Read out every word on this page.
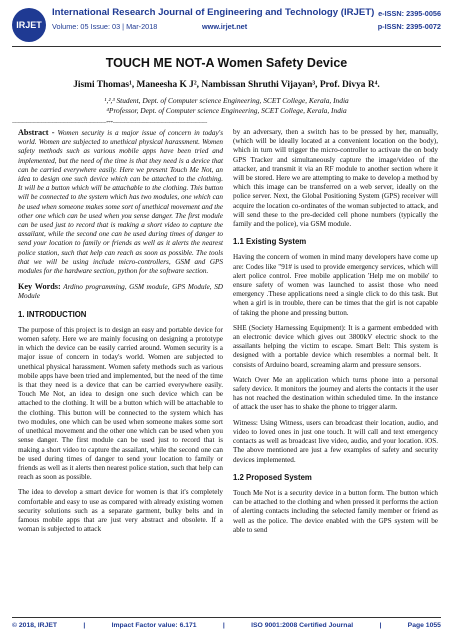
IRJET
International Research Journal of Engineering and Technology (IRJET)
Volume: 05 Issue: 03 | Mar-2018	www.irjet.net
e-ISSN: 2395-0056
p-ISSN: 2395-0072
TOUCH ME NOT-A Women Safety Device
Jismi Thomas¹, Maneesha K J², Nambissan Shruthi Vijayan³, Prof. Divya R⁴.
¹,²,³ Student, Dept. of Computer science Engineering, SCET College, Kerala, India
⁴Professor, Dept. of Computer science Engineering, SCET College, Kerala, India
---------------------------------------------------------------------***---------------------------------------------------------------------

Abstract - Women security is a major issue of concern in today's world. Women are subjected to unethical physical harassment. Women safety methods such as various mobile apps have been tried and implemented, but the need of the time is that they need is a device that can be carried everywhere easily. Here we present Touch Me Not, an idea to design one such device which can be attached to the clothing. It will be a button which will be attachable to the clothing. This button will be connected to the system which has two modules, one which can be used when someone makes some sort of unethical movement and the other one which can be used when you sense danger. The first module can be used just to record that is making a short video to capture the assailant, while the second one can be used during times of danger to send your location to family or friends as well as it alerts the nearest police station, such that help can reach as soon as possible. The tools that we will be using include micro-controllers, GSM and GPS modules for the hardware section, python for the software section.

Key Words: Ardino programming, GSM module, GPS Module, SD Module

1. INTRODUCTION

The purpose of this project is to design an easy and portable device for women safety. Here we are mainly focusing on designing a prototype in which the device can be easily carried around. Women security is a major issue of concern in today's world. Women are subjected to unethical physical harassment. Women safety methods such as various mobile apps have been tried and implemented, but the need of the time is that they need is a device that can be carried everywhere easily. Touch Me Not, an idea to design one such device which can be attached to the clothing. It will be a button which will be attachable to the clothing. This button will be connected to the system which has two modules, one which can be used when someone makes some sort of unethical movement and the other one which can be used when you sense danger. The first module can be used just to record that is making a short video to capture the assailant, while the second one can be used during times of danger to send your location to family or friends as well as it alerts then nearest police station, such that help can reach as soon as possible.

The idea to develop a smart device for women is that it's completely comfortable and easy to use as compared with already existing women security solutions such as a separate garment, bulky belts and in famous mobile apps that are just very abstract and obsolete. If a woman is subjected to attack

by an adversary, then a switch has to be pressed by her, manually, (which will be ideally located at a convenient location on the body), which in turn will trigger the micro-controller to activate the on body GPS Tracker and simultaneously capture the image/video of the attacker, and transmit it via an RF module to another section where it will be stored. Here we are attempting to make to develop a method by which this image can be transferred on a web server, ideally on the police server. Next, the Global Positioning System (GPS) receiver will acquire the location co-ordinates of the woman subjected to attack, and will send these to the pre-decided cell phone numbers (typically the family and the police), via GSM module.

1.1 Existing System

Having the concern of women in mind many developers have come up are: Codes like "91# is used to provide emergency services, which will alert police control. Free mobile application 'Help me on mobile' to ensure safety of women was launched to assist those who need emergency .These applications need a single click to do this task. But when a girl is in trouble, there can be times that the girl is not capable of taking the phone and pressing button.

SHE (Society Harnessing Equipment): It is a garment embedded with an electronic device which gives out 3800kV electric shock to the assailants helping the victim to escape. Smart Belt: This system is designed with a portable device which resembles a normal belt. It consists of Arduino board, screaming alarm and pressure sensors.

Watch Over Me an application which turns phone into a personal safety device. It monitors the journey and alerts the contacts it the user has not reached the destination within scheduled time. In the instance of attack the user has to shake the phone to trigger alarm.

Witness: Using Witness, users can broadcast their location, audio, and video to loved ones in just one touch. It will call and text emergency contacts as well as broadcast live video, audio, and your location. iOS. The above mentioned are just a few examples of safety and security devices implemented.

1.2 Proposed System

Touch Me Not is a security device in a button form. The button which can be attached to the clothing and when pressed it performs the action of alerting contacts including the selected family member or friend as well as the police. The device enabled with the GPS system will be able to send

© 2018, IRJET	|	Impact Factor value: 6.171	|	ISO 9001:2008 Certified Journal	|	Page 1055
